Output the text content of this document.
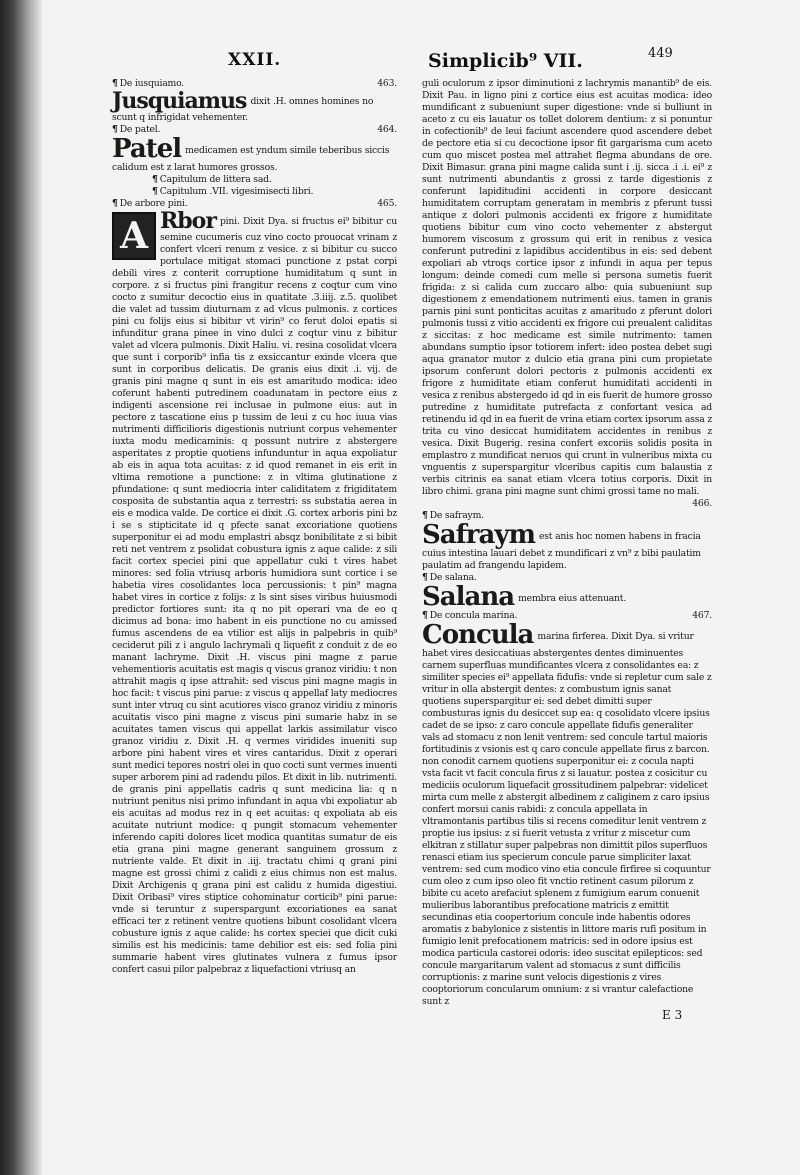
XXII.	Simplicib⁹ VII.	449
¶ De iusquiamo.	463.

Jusquiamus dixit .H. omnes homines no scunt q infrigidat vehementer.

¶ De patel.	464.

Patel medicamen est yndum simile teberibus siccis calidum est z larat humores grossos.

¶ Capitulum de littera sad.

¶ Capitulum .VII. vigesimisecti libri.

¶ De arbore pini.	465.

A Rbor pini. Dixit Dya. si fructus ei⁹ bibitur cu semine cucumeris cuz vino cocto prouocat vrinam z confert vlceri renum z vesice. z si bibitur cu succo portulace mitigat stomaci punctione z pstat corpi debili vires z conterit corruptione humiditatum q sunt in corpore. z si fructus pini frangitur recens z coqtur cum vino cocto z sumitur decoctio eius in quatitate .3.iiij. z.5. quolibet die valet ad tussim diuturnam z ad vlcus pulmonis. z cortices pini cu folijs eius si bibitur vt virin⁹ co ferut doloi epatis si infunditur grana pinee in vino dulci z coqtur vinu z bibitur valet ad vlcera pulmonis. Dixit Haliu. vi. resina cosolidat vlcera que sunt i corporib⁹ infia tis z exsiccantur exinde vlcera que sunt in corporibus delicatis. De granis eius dixit .i. vij. de granis pini magne q sunt in eis est amaritudo modica: ideo coferunt habenti putredinem coadunatam in pectore eius z indigenti ascensione rei inclusae in pulmone eius: aut in pectore z tascatione eius p tussim de leui z cu hoc iuua vias nutrimenti difficilioris digestionis nutriunt corpus vehementer iuxta modu medicaminis: q possunt nutrire z abstergere asperitates z proptie quotiens infunduntur in aqua expoliatur ab eis in aqua tota acuitas: z id quod remanet in eis erit in vltima remotione a punctione: z in vltima glutinatione z pfundatione: q sunt mediocria inter caliditatem z frigiditatem cosposita de substantia aqua z terrestri: ss substatia aerea in eis e modica valde. De cortice ei dixit .G. cortex arboris pini bz i se s stipticitate id q pfecte sanat excoriatione quotiens superponitur ei ad modu emplastri absqz bonibilitate z si bibit reti net ventrem z psolidat cobustura ignis z aque calide: z sili facit cortex speciei pini que appellatur cuki t vires habet minores: sed folia vtriusq arboris humidiora sunt cortice i se habetia vires cosolidantes loca percussionis: t pin⁹ magna habet vires in cortice z folijs: z ls sint sises viribus huiusmodi predictor fortiores sunt: ita q no pit operari vna de eo q dicimus ad bona: imo habent in eis punctione no cu amissed fumus ascendens de ea vtilior est alijs in palpebris in quib⁹ ceciderut pili z i angulo lachrymali q liquefit z conduit z de eo manant lachryme. Dixit .H. viscus pini magne z parue vehementioris acuitatis est magis q viscus granoz viridiu: t non attrahit magis q ipse attrahit: sed viscus pini magne magis in hoc facit: t viscus pini parue: z viscus q appellaf laty mediocres sunt inter vtruq cu sint acutiores visco granoz viridiu z minoris acuitatis visco pini magne z viscus pini sumarie habz in se acuitates tamen viscus qui appellat larkis assimilatur visco granoz viridiu z. Dixit .H. q vermes viridides inueniti sup arbore pini habent vires et vires cantaridus. Dixit z operari sunt medici tepores nostri olei in quo cocti sunt vermes inuenti super arborem pini ad radendu pilos. Et dixit in lib. nutrimenti. de granis pini appellatis cadris q sunt medicina lia: q n nutriunt penitus nisi primo infundant in aqua vbi expoliatur ab eis acuitas ad modus rez in q eet acuitas: q expoliata ab eis acuitate nutriunt modice: q pungit stomacum vehementer inferendo capiti dolores licet modica quantitas sumatur de eis etia grana pini magne generant sanguinem grossum z nutriente valde. Et dixit in .iij. tractatu chimi q grani pini magne est grossi chimi z calidi z eius chimus non est malus. Dixit Archigenis q grana pini est calidu z humida digestiui. Dixit Oribasi⁹ vires stiptice cohominatur corticib⁹ pini parue: vnde si teruntur z superspargunt excoriationes ea sanat efficaci ter z retinent ventre quotiens bibunt cosolidant vlcera cobusture ignis z aque calide: hs cortex speciei que dicit cuki similis est his medicinis: tame debilior est eis: sed folia pini summarie habent vires glutinates vulnera z fumus ipsor confert casui pilor palpebraz z liquefactioni vtriusq an

guli oculorum z ipsor diminutioni z lachrymis manantib⁹ de eis. Dixit Pau. in ligno pini z cortice eius est acuitas modica: ideo mundificant z subueniunt super digestione: vnde si bulliunt in aceto z cu eis lauatur os tollet dolorem dentium: z si ponuntur in cofectionib⁹ de leui faciunt ascendere quod ascendere debet de pectore etia si cu decoctione ipsor fit gargarisma cum aceto cum quo miscet postea mel attrahet flegma abundans de ore. Dixit Bimasur. grana pini magne calida sunt i .ij. sicca .i .i. ei⁹ z sunt nutrimenti abundantis z grossi z tarde digestionis z conferunt lapiditudini accidenti in corpore desiccant humiditatem corruptam generatam in membris z pferunt tussi antique z dolori pulmonis accidenti ex frigore z humiditate quotiens bibitur cum vino cocto vehementer z abstergut humorem viscosum z grossum qui erit in renibus z vesica conferunt putredini z lapidibus accidentibus in eis: sed debent expoliari ab vtroqs cortice ipsor z infundi in aqua per tepus longum: deinde comedi cum melle si persona sumetis fuerit frigida: z si calida cum zuccaro albo: quia subueniunt sup digestionem z emendationem nutrimenti eius. tamen in granis parnis pini sunt ponticitas acuitas z amaritudo z pferunt dolori pulmonis tussi z vitio accidenti ex frigore cui preualent caliditas z siccitas: z hoc medicame est simile nutrimento: tamen abundans sumptio ipsor totiorem infert: ideo postea debet sugi aqua granator mutor z dulcio etia grana pini cum propietate ipsorum conferunt dolori pectoris z pulmonis accidenti ex frigore z humiditate etiam conferut humiditati accidenti in vesica z renibus abstergedo id qd in eis fuerit de humore grosso putredine z humiditate putrefacta z confortant vesica ad retinendu id qd in ea fuerit de vrina etiam cortex ipsorum assa z trita cu vino desiccat humiditatem accidentes in renibus z vesica. Dixit Bugerig. resina confert excoriis solidis posita in emplastro z mundificat neruos qui crunt in vulneribus mixta cu vnguentis z superspargitur vlceribus capitis cum balaustia z verbis citrinis ea sanat etiam vlcera totius corporis. Dixit in libro chimi. grana pini magne sunt chimi grossi tame no mali.

466.
¶ De safraym.

Safraym est anis hoc nomen habens in fracia cuius intestina lauari debet z mundificari z vn⁹ z bibi paulatim paulatim ad frangendu lapidem.

¶ De salana.

Salana membra eius attenuant.

¶ De concula marina.	467.

Concula marina firferea. Dixit Dya. si vritur habet vires desiccatiuas abstergentes dentes diminuentes carnem superfluas mundificantes vlcera z consolidantes ea: z similiter species ei⁹ appellata fidufis: vnde si repletur cum sale z vritur in olla abstergit dentes: z combustum ignis sanat quotiens superspargitur ei: sed debet dimitti super combusturas ignis du desiccet sup ea: q cosolidato vlcere ipsius cadet de se ipso: z caro concule appellate fidufis generaliter vals ad stomacu z non lenit ventrem: sed concule tartul maioris fortitudinis z vsionis est q caro concule appellate firus z barcon. non conodit carnem quotiens superponitur ei: z cocula napti vsta facit vt facit concula firus z si lauatur. postea z cosicitur cu mediciis oculorum liquefacit grossitudinem palpebrar: videlicet mirta cum melle z abstergit albedinem z caliginem z caro ipsius confert morsui canis rabidi: z concula appellata in vltramontanis partibus tilis si recens comeditur lenit ventrem z proptie ius ipsius: z si fuerit vetusta z vritur z miscetur cum elkitran z stillatur super palpebras non dimittit pilos superfluos renasci etiam ius specierum concule parue simpliciter laxat ventrem: sed cum modico vino etia concule firfiree si coquuntur cum oleo z cum ipso oleo fit vnctio retinent casum pilorum z bibite cu aceto arefaciut splenem z fumigium earum conuenit mulieribus laborantibus prefocatione matricis z emittit secundinas etia coopertorium concule inde habentis odores aromatis z babylonice z sistentis in littore maris rufi positum in fumigio lenit prefocationem matricis: sed in odore ipsius est modica particula castorei odoris: ideo suscitat epilepticos: sed concule margaritarum valent ad stomacus z sunt difficilis corruptionis: z marine sunt velocis digestionis z vires cooptoriorum concularum omnium: z si vrantur calefactione sunt z

E 3
